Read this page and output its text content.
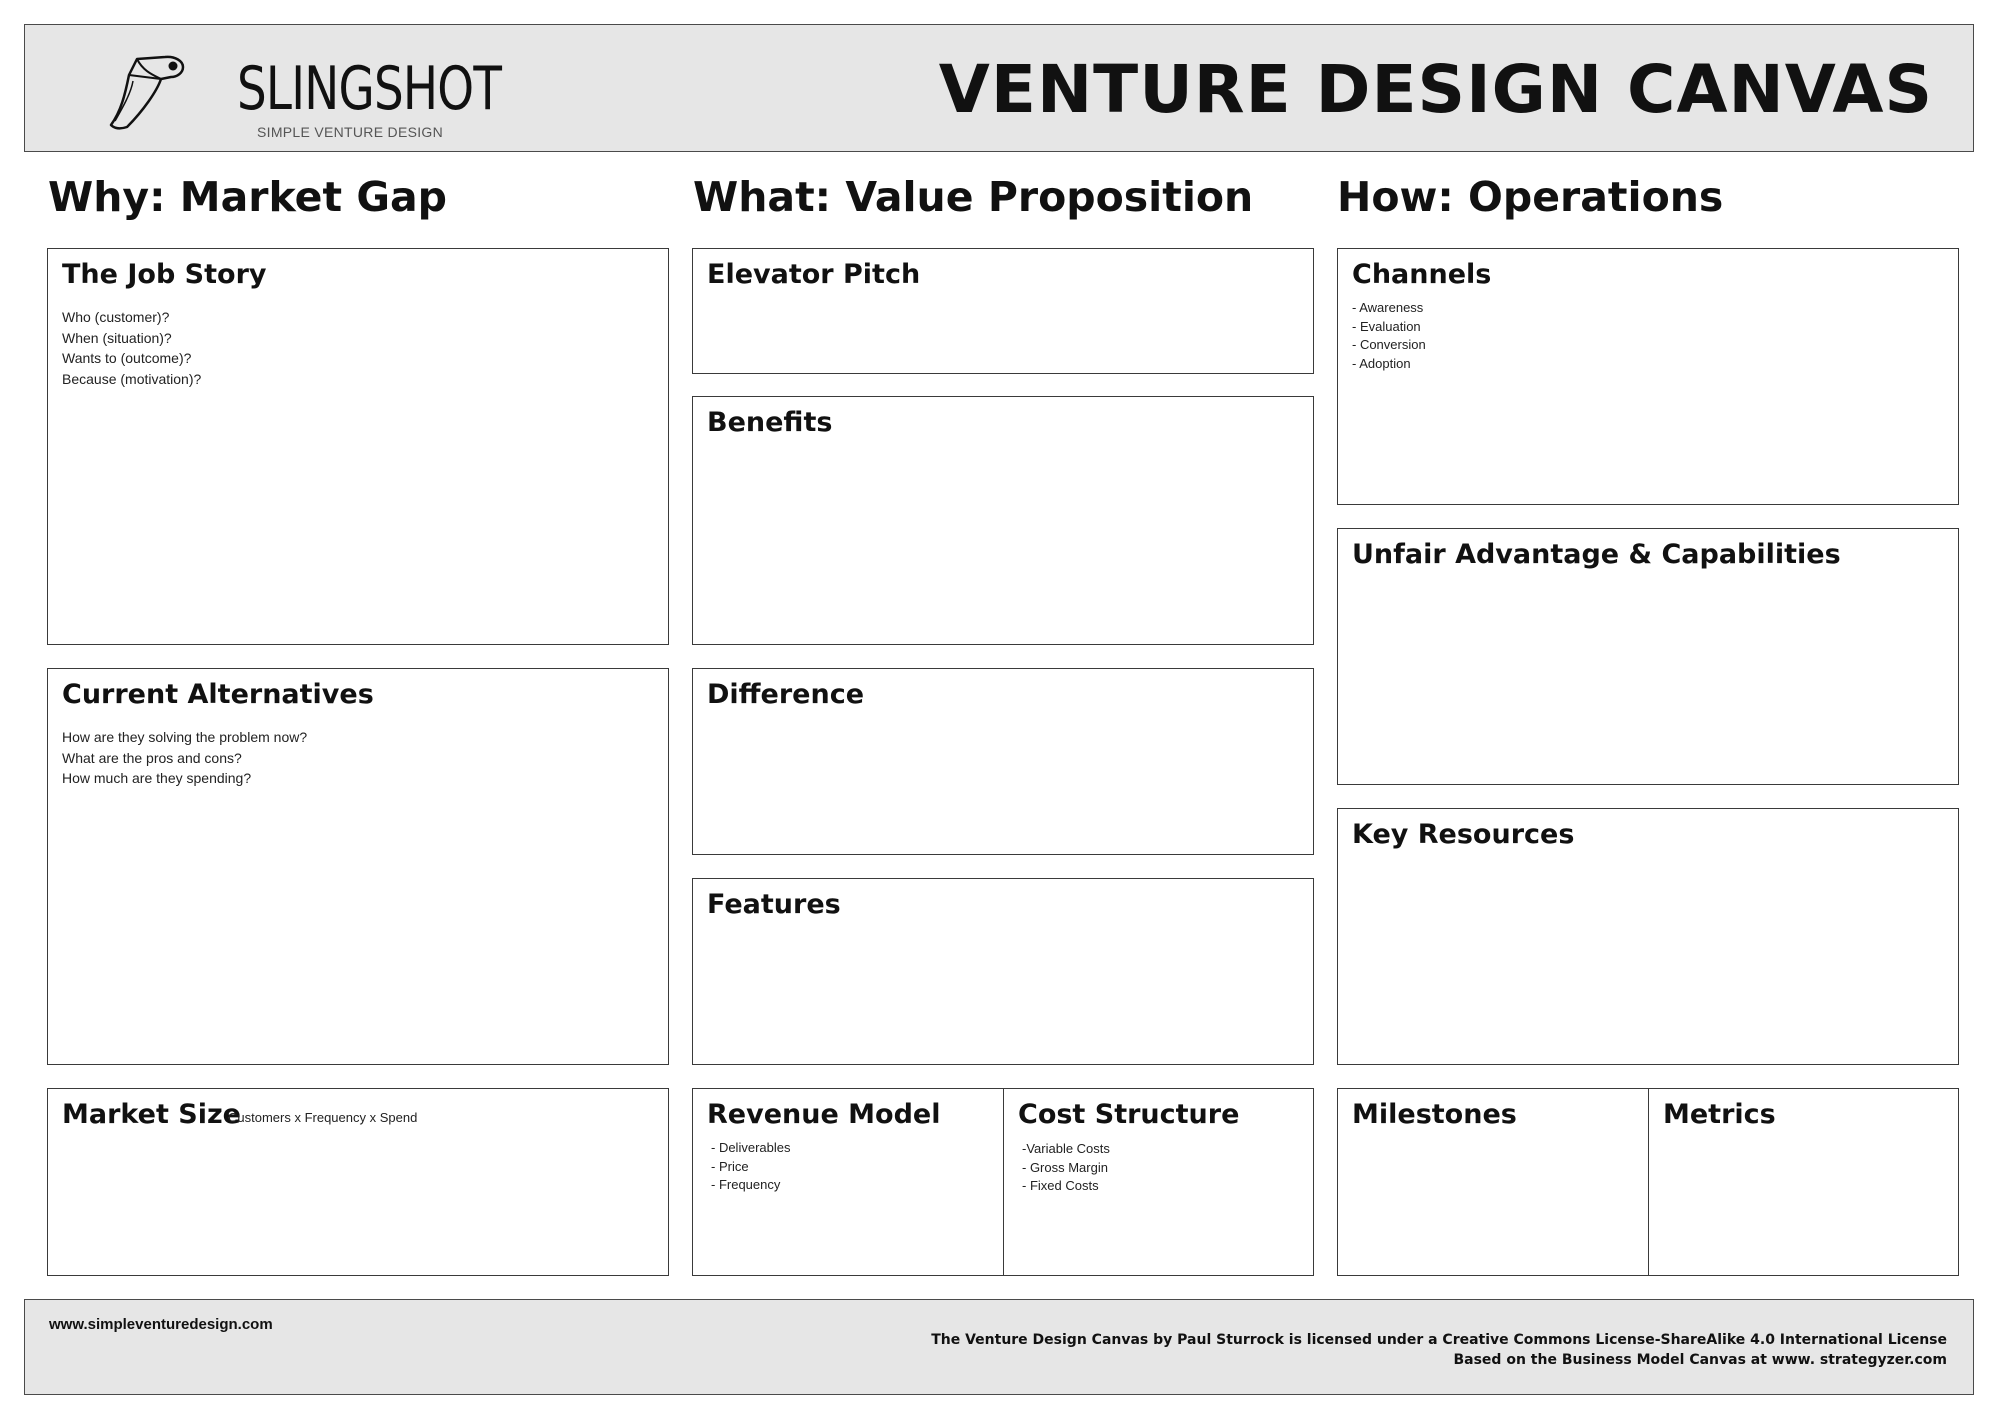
SLINGSHOT
SIMPLE VENTURE DESIGN
VENTURE DESIGN CANVAS
Why: Market Gap	What: Value Proposition How: Operations
The Job Story
Who (customer)?
When (situation)?
Wants to (outcome)?
Because (motivation)?
Current Alternatives
How are they solving the problem now?
What are the pros and cons?
How much are they spending?
Market Size
Customers x Frequency x Spend
Elevator Pitch
Benefits
Difference
Features
Revenue Model
- Deliverables
- Price
- Frequency
Cost Structure
-Variable Costs
- Gross Margin
- Fixed Costs
Channels
- Awareness
- Evaluation
- Conversion
- Adoption
Unfair Advantage & Capabilities
Key Resources
Milestones	Metrics
www.simpleventuredesign.com
The Venture Design Canvas by Paul Sturrock is licensed under a Creative Commons License-ShareAlike 4.0 International License
Based on the Business Model Canvas at www. strategyzer.com
